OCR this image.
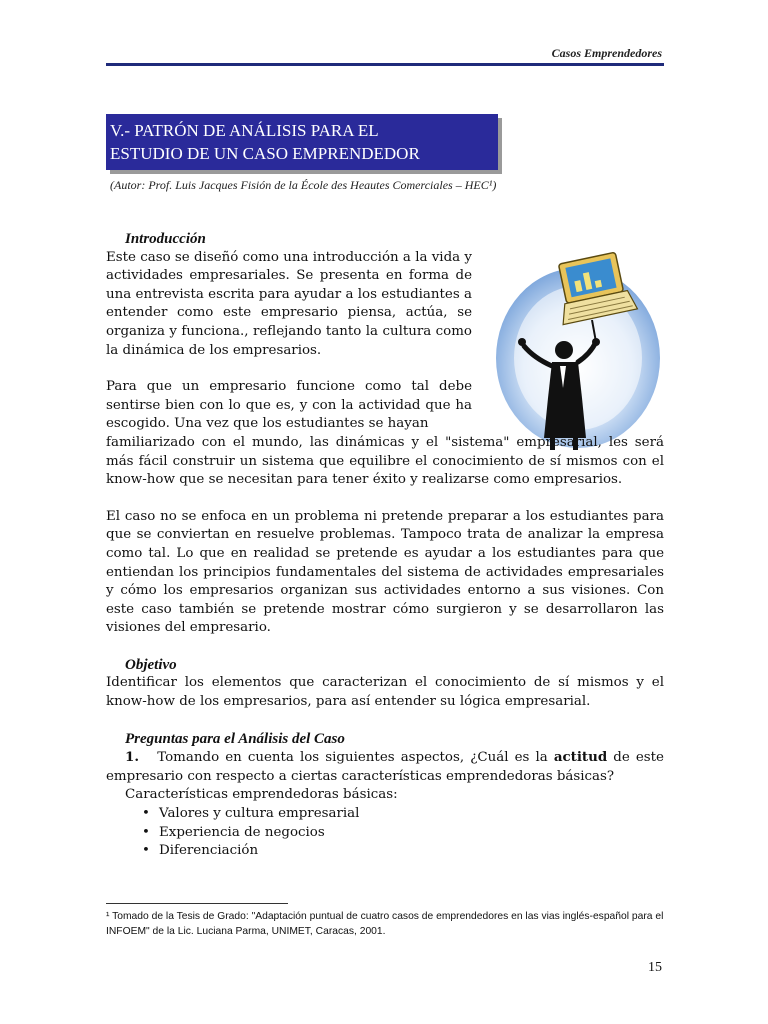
Casos Emprendedores
V.- PATRÓN DE ANÁLISIS PARA EL
ESTUDIO DE UN CASO EMPRENDEDOR
(Autor: Prof. Luis Jacques Fisión de la École des Heautes Comerciales – HEC¹)
Introducción

Este caso se diseñó como una introducción a la vida y actividades empresariales. Se presenta en forma de una entrevista escrita para ayudar a los estudiantes a entender como este empresario piensa, actúa, se organiza y funciona., reflejando tanto la cultura como la dinámica de los empresarios.

Para que un empresario funcione como tal debe sentirse bien con lo que es, y con la actividad que ha escogido. Una vez que los estudiantes se hayan

familiarizado con el mundo, las dinámicas y el "sistema" empresarial, les será más fácil construir un sistema que equilibre el conocimiento de sí mismos con el know-how que se necesitan para tener éxito y realizarse como empresarios.

El caso no se enfoca en un problema ni pretende preparar a los estudiantes para que se conviertan en resuelve problemas. Tampoco trata de analizar la empresa como tal. Lo que en realidad se pretende es ayudar a los estudiantes para que entiendan los principios fundamentales del sistema de actividades empresariales y cómo los empresarios organizan sus actividades entorno a sus visiones. Con este caso también se pretende mostrar cómo surgieron y se desarrollaron las visiones del empresario.

Objetivo

Identificar los elementos que caracterizan el conocimiento de sí mismos y el know-how de los empresarios, para así entender su lógica empresarial.

Preguntas para el Análisis del Caso

1. Tomando en cuenta los siguientes aspectos, ¿Cuál es la actitud de este empresario con respecto a ciertas características emprendedoras básicas?

Características emprendedoras básicas:
• Valores y cultura empresarial
• Experiencia de negocios
• Diferenciación
¹ Tomado de la Tesis de Grado: "Adaptación puntual de cuatro casos de emprendedores en las vias inglés-español para el INFOEM" de la Lic. Luciana Parma, UNIMET, Caracas, 2001.
15
